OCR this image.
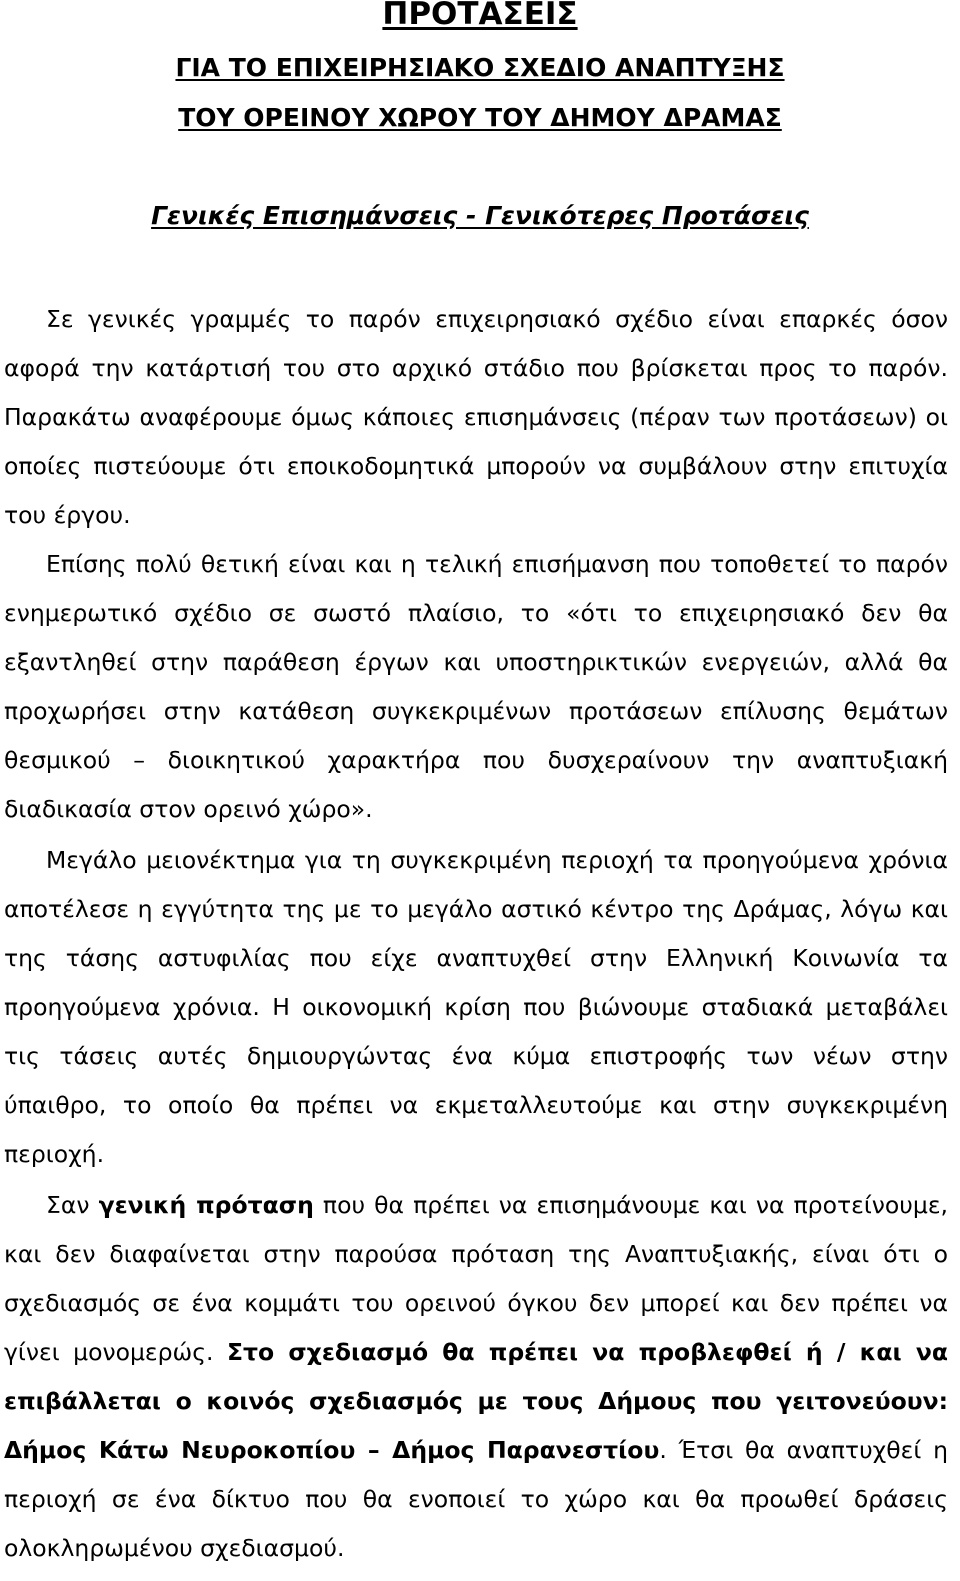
ΠΡΟΤΑΣΕΙΣ
ΓΙΑ ΤΟ ΕΠΙΧΕΙΡΗΣΙΑΚΟ ΣΧΕΔΙΟ ΑΝΑΠΤΥΞΗΣ
ΤΟΥ ΟΡΕΙΝΟΥ ΧΩΡΟΥ ΤΟΥ ΔΗΜΟΥ ΔΡΑΜΑΣ
Γενικές Επισημάνσεις - Γενικότερες Προτάσεις

Σε γενικές γραμμές το παρόν επιχειρησιακό σχέδιο είναι επαρκές όσον αφορά την κατάρτισή του στο αρχικό στάδιο που βρίσκεται προς το παρόν. Παρακάτω αναφέρουμε όμως κάποιες επισημάνσεις (πέραν των προτάσεων) οι οποίες πιστεύουμε ότι εποικοδομητικά μπορούν να συμβάλουν στην επιτυχία του έργου.

Επίσης πολύ θετική είναι και η τελική επισήμανση που τοποθετεί το παρόν ενημερωτικό σχέδιο σε σωστό πλαίσιο, το «ότι το επιχειρησιακό δεν θα εξαντληθεί στην παράθεση έργων και υποστηρικτικών ενεργειών, αλλά θα προχωρήσει στην κατάθεση συγκεκριμένων προτάσεων επίλυσης θεμάτων θεσμικού – διοικητικού χαρακτήρα που δυσχεραίνουν την αναπτυξιακή διαδικασία στον ορεινό χώρο».

Μεγάλο μειονέκτημα για τη συγκεκριμένη περιοχή τα προηγούμενα χρόνια αποτέλεσε η εγγύτητα της με το μεγάλο αστικό κέντρο της Δράμας, λόγω και της τάσης αστυφιλίας που είχε αναπτυχθεί στην Ελληνική Κοινωνία τα προηγούμενα χρόνια. Η οικονομική κρίση που βιώνουμε σταδιακά μεταβάλει τις τάσεις αυτές δημιουργώντας ένα κύμα επιστροφής των νέων στην ύπαιθρο, το οποίο θα πρέπει να εκμεταλλευτούμε και στην συγκεκριμένη περιοχή.

Σαν γενική πρόταση που θα πρέπει να επισημάνουμε και να προτείνουμε, και δεν διαφαίνεται στην παρούσα πρόταση της Αναπτυξιακής, είναι ότι ο σχεδιασμός σε ένα κομμάτι του ορεινού όγκου δεν μπορεί και δεν πρέπει να γίνει μονομερώς. Στο σχεδιασμό θα πρέπει να προβλεφθεί ή / και να επιβάλλεται ο κοινός σχεδιασμός με τους Δήμους που γειτονεύουν: Δήμος Κάτω Νευροκοπίου – Δήμος Παρανεστίου. Έτσι θα αναπτυχθεί η περιοχή σε ένα δίκτυο που θα ενοποιεί το χώρο και θα προωθεί δράσεις ολοκληρωμένου σχεδιασμού.
